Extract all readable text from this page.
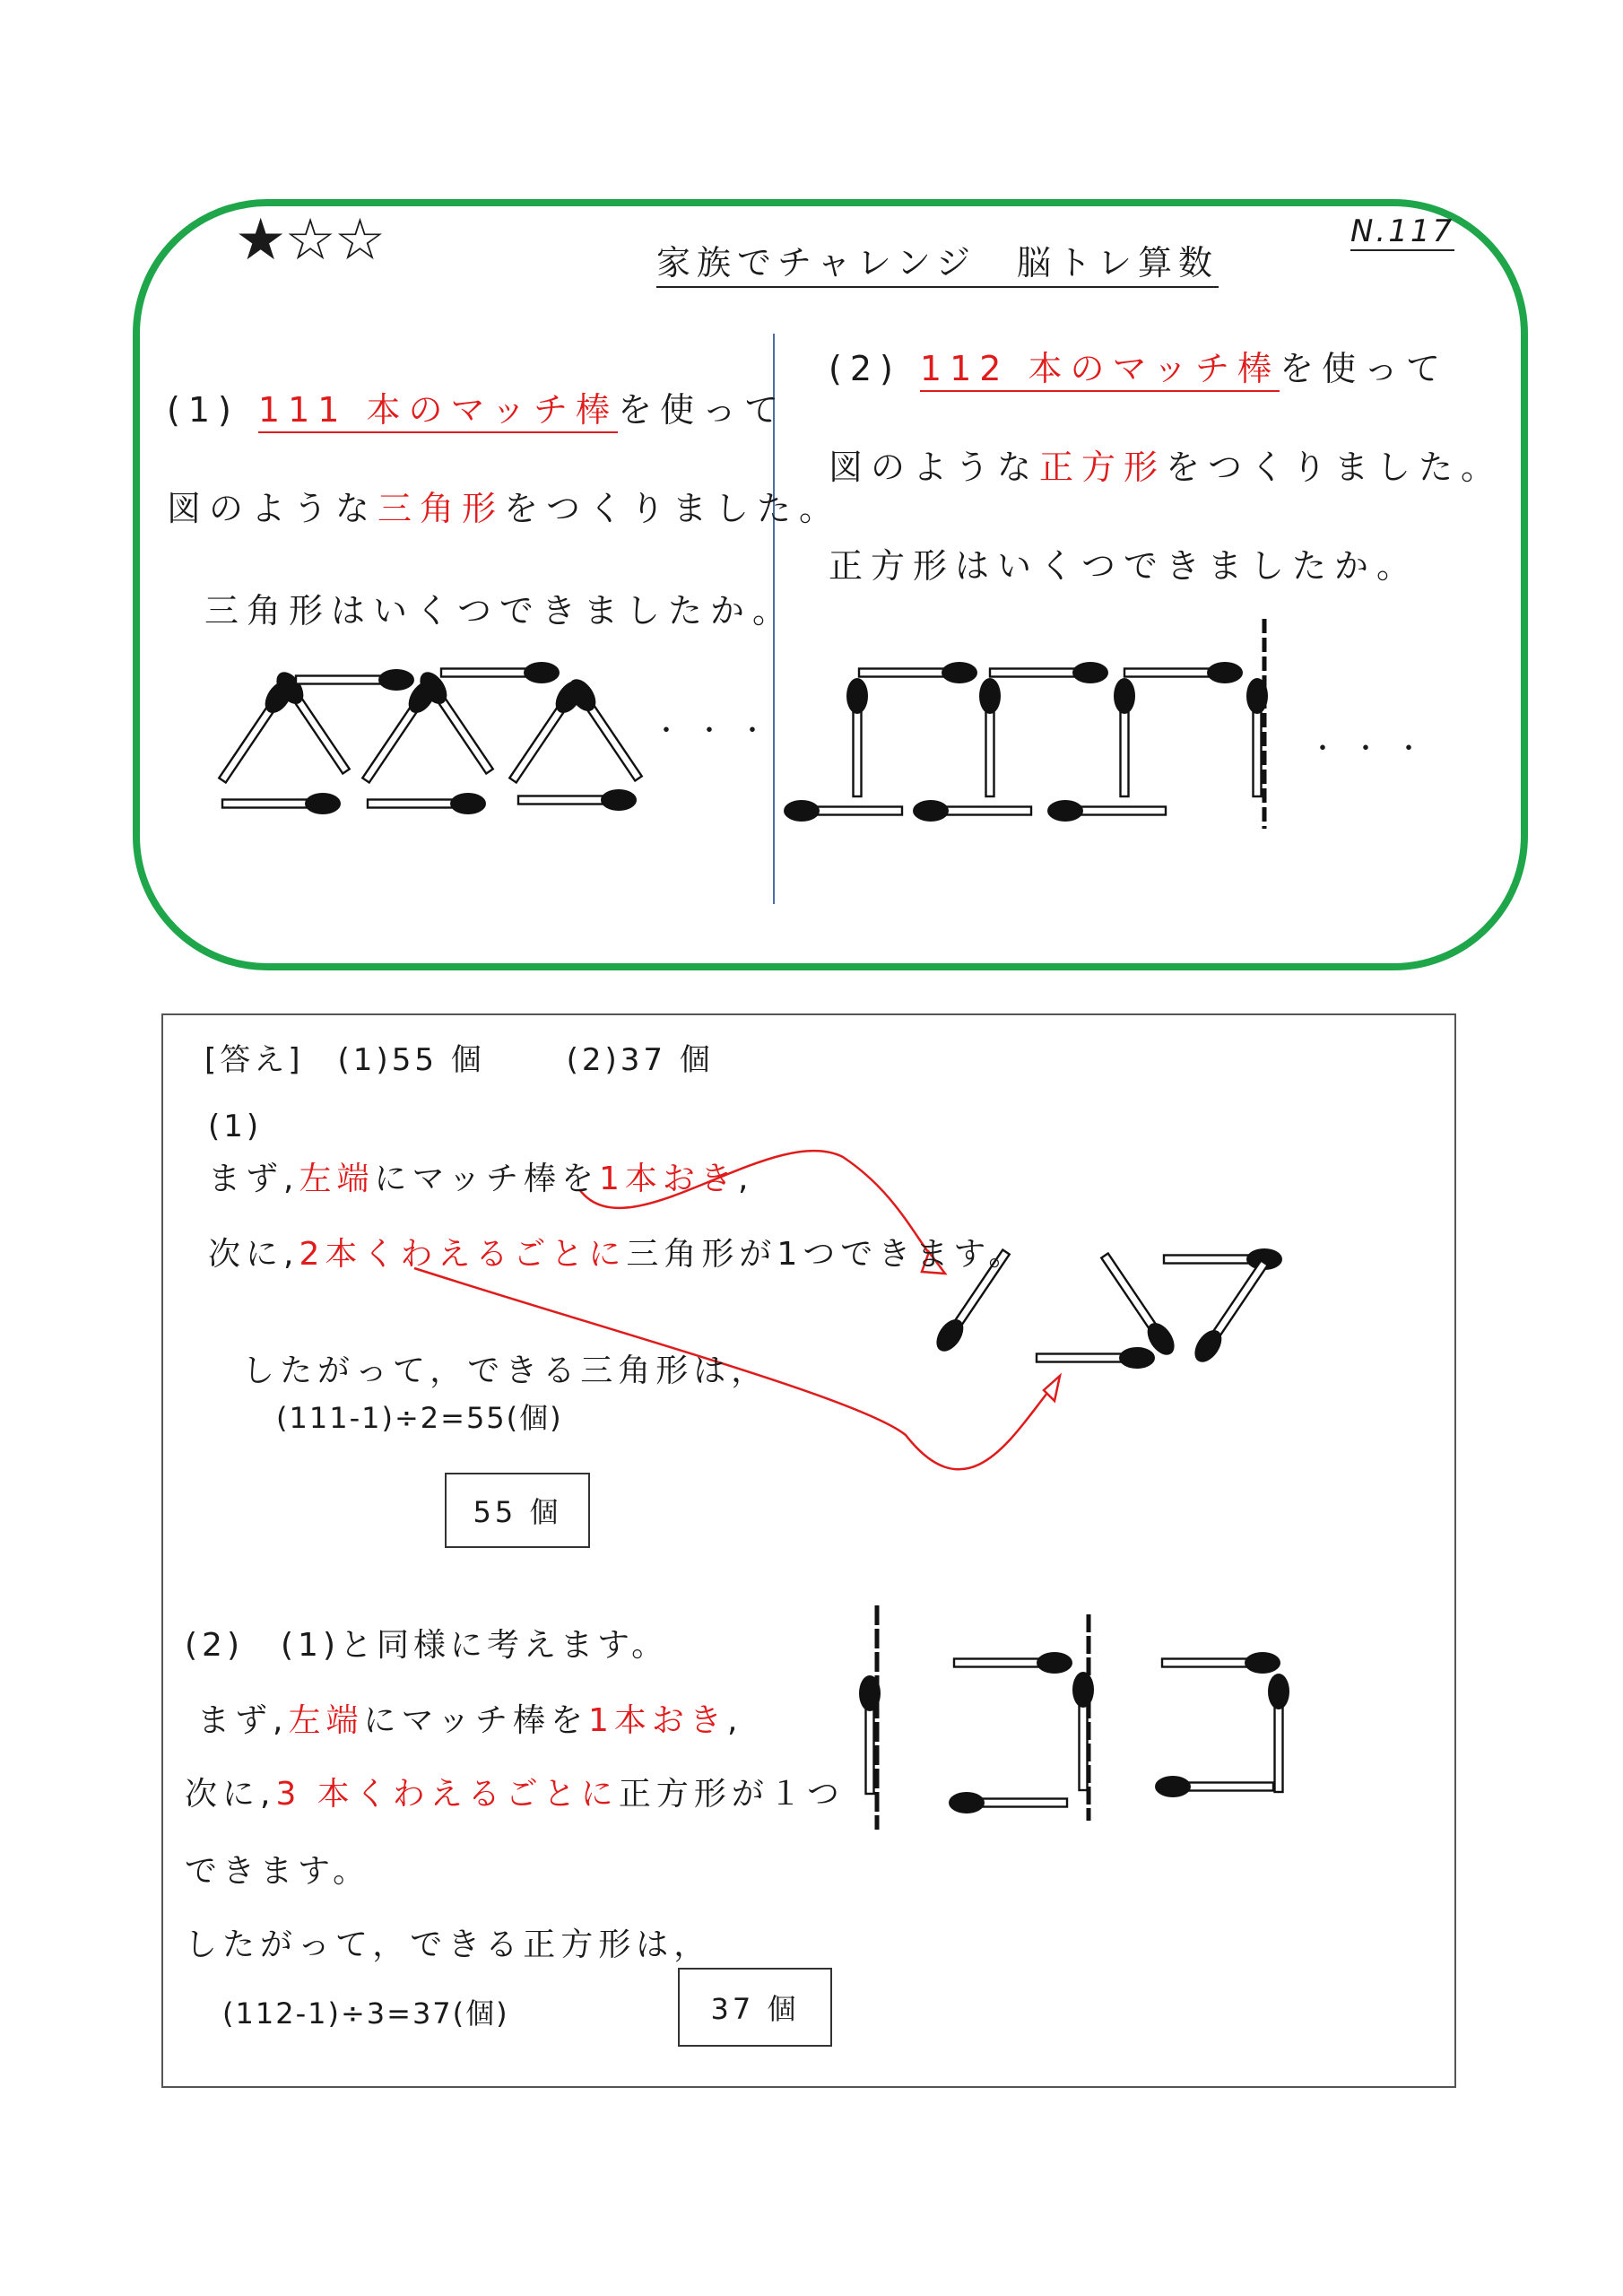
★☆☆	家族でチャレンジ　脳トレ算数
N.117
(1) 111 本のマッチ棒を使って
図のような三角形をつくりました。
三角形はいくつできましたか。
・・・
(2) 112 本のマッチ棒を使って
図のような正方形をつくりました。
正方形はいくつできましたか。
・・・
[答え]　(1)55 個　　 (2)37 個
(1)
まず,左端にマッチ棒を1本おき,
次に,2本くわえるごとに三角形が1つできます。
したがって，できる三角形は，
(111-1)÷2=55(個)
55 個
(2)　(1)と同様に考えます。
まず,左端にマッチ棒を1本おき,
次に,3 本くわえるごとに正方形が１つ
できます。
したがって，できる正方形は，
(112-1)÷3=37(個)	37 個
